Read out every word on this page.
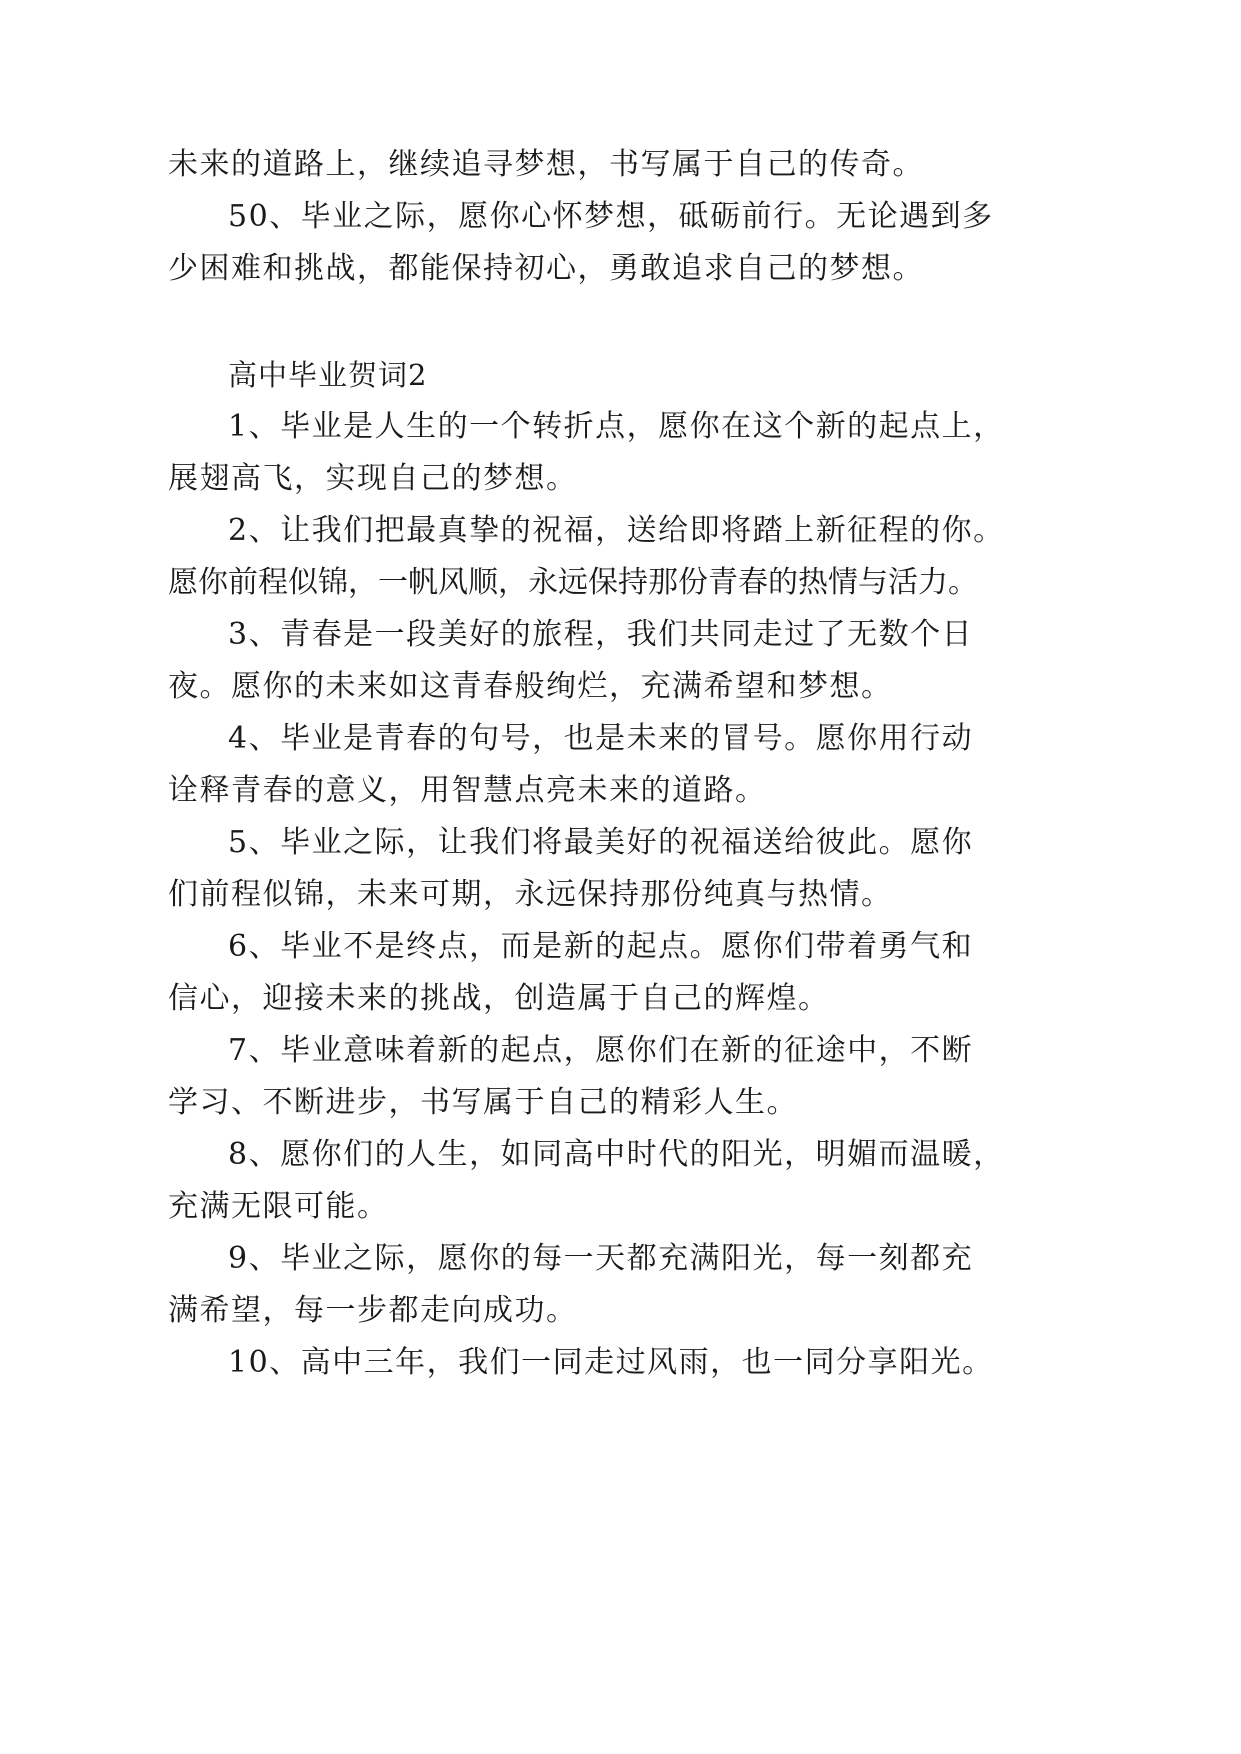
未来的道路上，继续追寻梦想，书写属于自己的传奇。
50、毕业之际，愿你心怀梦想，砥砺前行。无论遇到多
少困难和挑战，都能保持初心，勇敢追求自己的梦想。
高中毕业贺词2
1、毕业是人生的一个转折点，愿你在这个新的起点上，
展翅高飞，实现自己的梦想。
2、让我们把最真挚的祝福，送给即将踏上新征程的你。
愿你前程似锦，一帆风顺，永远保持那份青春的热情与活力。
3、青春是一段美好的旅程，我们共同走过了无数个日
夜。愿你的未来如这青春般绚烂，充满希望和梦想。
4、毕业是青春的句号，也是未来的冒号。愿你用行动
诠释青春的意义，用智慧点亮未来的道路。
5、毕业之际，让我们将最美好的祝福送给彼此。愿你
们前程似锦，未来可期，永远保持那份纯真与热情。
6、毕业不是终点，而是新的起点。愿你们带着勇气和
信心，迎接未来的挑战，创造属于自己的辉煌。
7、毕业意味着新的起点，愿你们在新的征途中，不断
学习、不断进步，书写属于自己的精彩人生。
8、愿你们的人生，如同高中时代的阳光，明媚而温暖，
充满无限可能。
9、毕业之际，愿你的每一天都充满阳光，每一刻都充
满希望，每一步都走向成功。
10、高中三年，我们一同走过风雨，也一同分享阳光。
